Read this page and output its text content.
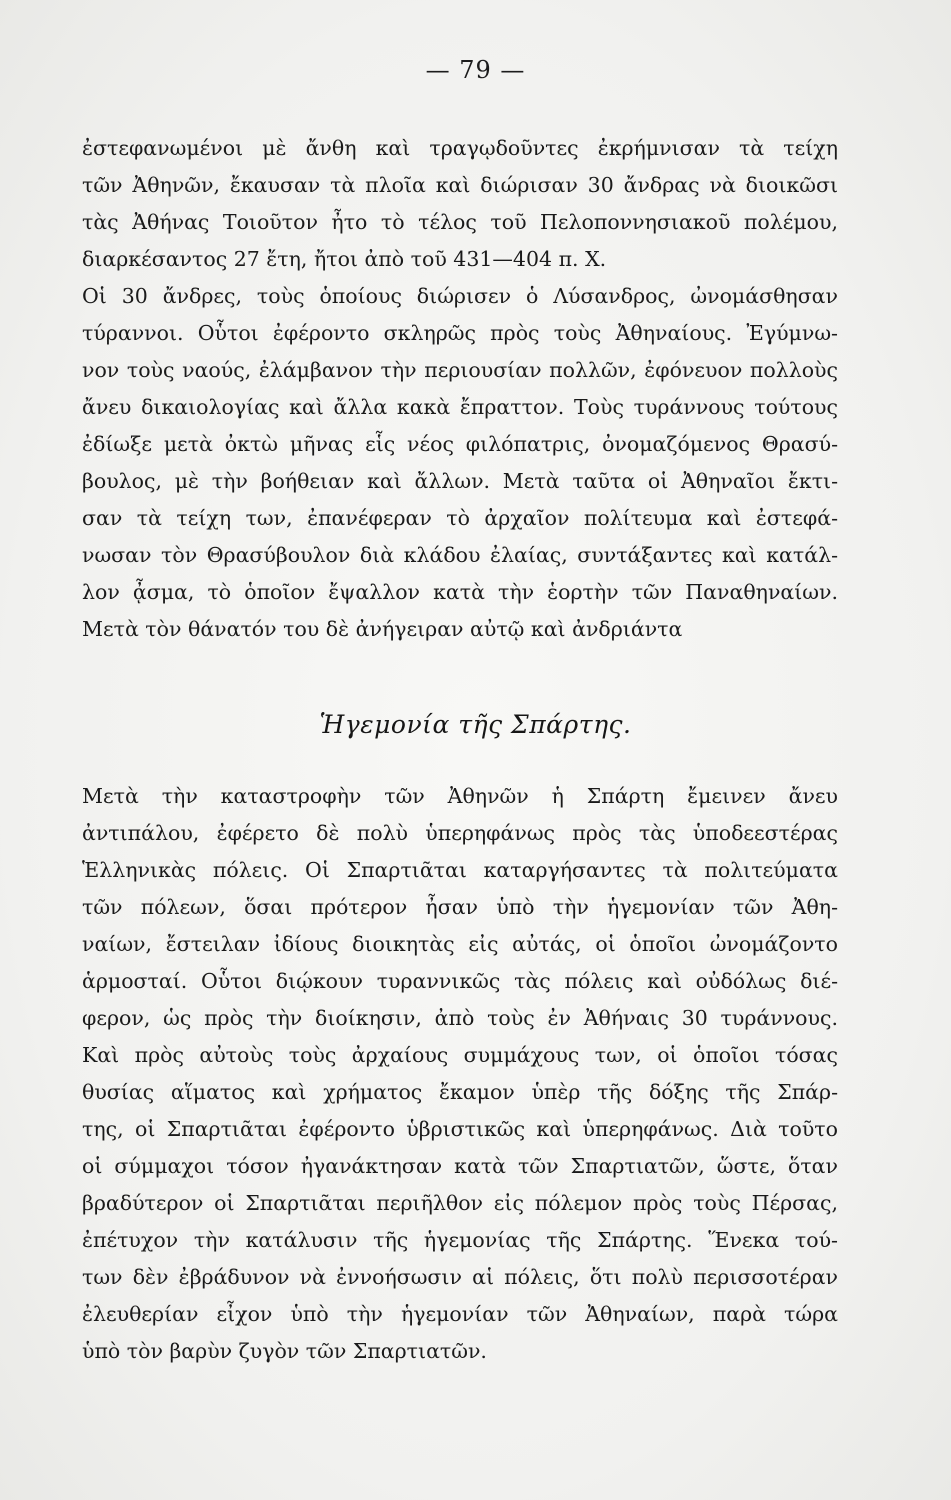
— 79 —
ἐστεφανωμένοι μὲ ἄνθη καὶ τραγῳδοῦντες ἐκρήμνισαν τὰ τείχη
τῶν Ἀθηνῶν, ἔκαυσαν τὰ πλοῖα καὶ διώρισαν 30 ἄνδρας νὰ διοικῶσι
τὰς Ἀθήνας Τοιοῦτον ἦτο τὸ τέλος τοῦ Πελοποννησιακοῦ πολέμου,
διαρκέσαντος 27 ἔτη, ἤτοι ἀπὸ τοῦ 431—404 π. Χ.
Οἱ 30 ἄνδρες, τοὺς ὁποίους διώρισεν ὁ Λύσανδρος, ὠνομάσθησαν
τύραννοι. Οὗτοι ἐφέροντο σκληρῶς πρὸς τοὺς Ἀθηναίους. Ἐγύμνω-
νον τοὺς ναούς, ἐλάμβανον τὴν περιουσίαν πολλῶν, ἐφόνευον πολλοὺς
ἄνευ δικαιολογίας καὶ ἄλλα κακὰ ἔπραττον. Τοὺς τυράννους τούτους
ἐδίωξε μετὰ ὀκτὼ μῆνας εἷς νέος φιλόπατρις, ὀνομαζόμενος Θρασύ-
βουλος, μὲ τὴν βοήθειαν καὶ ἄλλων. Μετὰ ταῦτα οἱ Ἀθηναῖοι ἔκτι-
σαν τὰ τείχη των, ἐπανέφεραν τὸ ἀρχαῖον πολίτευμα καὶ ἐστεφά-
νωσαν τὸν Θρασύβουλον διὰ κλάδου ἐλαίας, συντάξαντες καὶ κατάλ-
λον ᾆσμα, τὸ ὁποῖον ἔψαλλον κατὰ τὴν ἑορτὴν τῶν Παναθηναίων.
Μετὰ τὸν θάνατόν του δὲ ἀνήγειραν αὐτῷ καὶ ἀνδριάντα
Ἡγεμονία τῆς Σπάρτης.
Μετὰ τὴν καταστροφὴν τῶν Ἀθηνῶν ἡ Σπάρτη ἔμεινεν ἄνευ
ἀντιπάλου, ἐφέρετο δὲ πολὺ ὑπερηφάνως πρὸς τὰς ὑποδεεστέρας
Ἑλληνικὰς πόλεις. Οἱ Σπαρτιᾶται καταργήσαντες τὰ πολιτεύματα
τῶν πόλεων, ὅσαι πρότερον ἦσαν ὑπὸ τὴν ἡγεμονίαν τῶν Ἀθη-
ναίων, ἔστειλαν ἰδίους διοικητὰς εἰς αὐτάς, οἱ ὁποῖοι ὠνομάζοντο
ἁρμοσταί. Οὗτοι διῴκουν τυραννικῶς τὰς πόλεις καὶ οὐδόλως διέ-
φερον, ὡς πρὸς τὴν διοίκησιν, ἀπὸ τοὺς ἐν Ἀθήναις 30 τυράννους.
Καὶ πρὸς αὐτοὺς τοὺς ἀρχαίους συμμάχους των, οἱ ὁποῖοι τόσας
θυσίας αἵματος καὶ χρήματος ἔκαμον ὑπὲρ τῆς δόξης τῆς Σπάρ-
της, οἱ Σπαρτιᾶται ἐφέροντο ὑβριστικῶς καὶ ὑπερηφάνως. Διὰ τοῦτο
οἱ σύμμαχοι τόσον ἠγανάκτησαν κατὰ τῶν Σπαρτιατῶν, ὥστε, ὅταν
βραδύτερον οἱ Σπαρτιᾶται περιῆλθον εἰς πόλεμον πρὸς τοὺς Πέρσας,
ἐπέτυχον τὴν κατάλυσιν τῆς ἡγεμονίας τῆς Σπάρτης. Ἕνεκα τού-
των δὲν ἐβράδυνον νὰ ἐννοήσωσιν αἱ πόλεις, ὅτι πολὺ περισσοτέραν
ἐλευθερίαν εἶχον ὑπὸ τὴν ἡγεμονίαν τῶν Ἀθηναίων, παρὰ τώρα
ὑπὸ τὸν βαρὺν ζυγὸν τῶν Σπαρτιατῶν.
